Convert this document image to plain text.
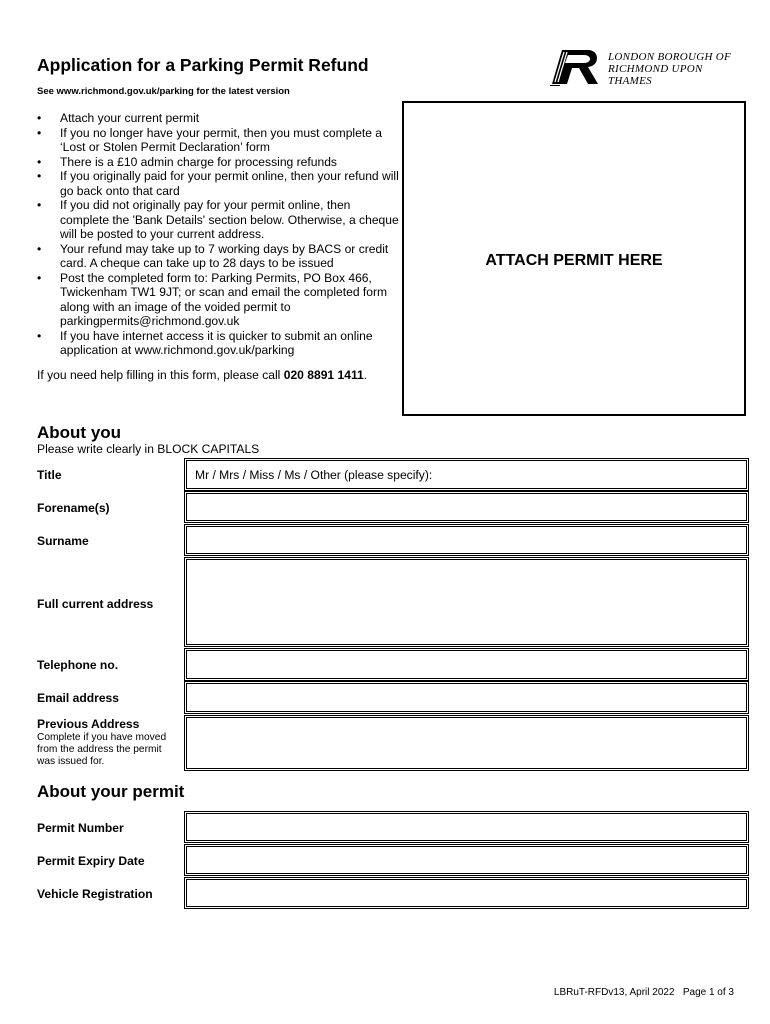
Application for a Parking Permit Refund
See www.richmond.gov.uk/parking for the latest version
LONDON BOROUGH OF
RICHMOND UPON THAMES
• Attach your current permit
• If you no longer have your permit, then you must complete a ‘Lost or Stolen Permit Declaration’ form
• There is a £10 admin charge for processing refunds
• If you originally paid for your permit online, then your refund will go back onto that card
• If you did not originally pay for your permit online, then complete the 'Bank Details' section below. Otherwise, a cheque will be posted to your current address.
• Your refund may take up to 7 working days by BACS or credit card. A cheque can take up to 28 days to be issued
• Post the completed form to: Parking Permits, PO Box 466, Twickenham TW1 9JT; or scan and email the completed form along with an image of the voided permit to parkingpermits@richmond.gov.uk
• If you have internet access it is quicker to submit an online application at www.richmond.gov.uk/parking
If you need help filling in this form, please call 020 8891 1411.
ATTACH PERMIT HERE
About you
Please write clearly in BLOCK CAPITALS
Title	Mr / Mrs / Miss / Ms / Other (please specify):
Forename(s)
Surname
Full current address
Telephone no.
Email address
Previous Address
Complete if you have moved from the address the permit was issued for.
About your permit
Permit Number
Permit Expiry Date
Vehicle Registration
LBRuT-RFDv13, April 2022   Page 1 of 3
